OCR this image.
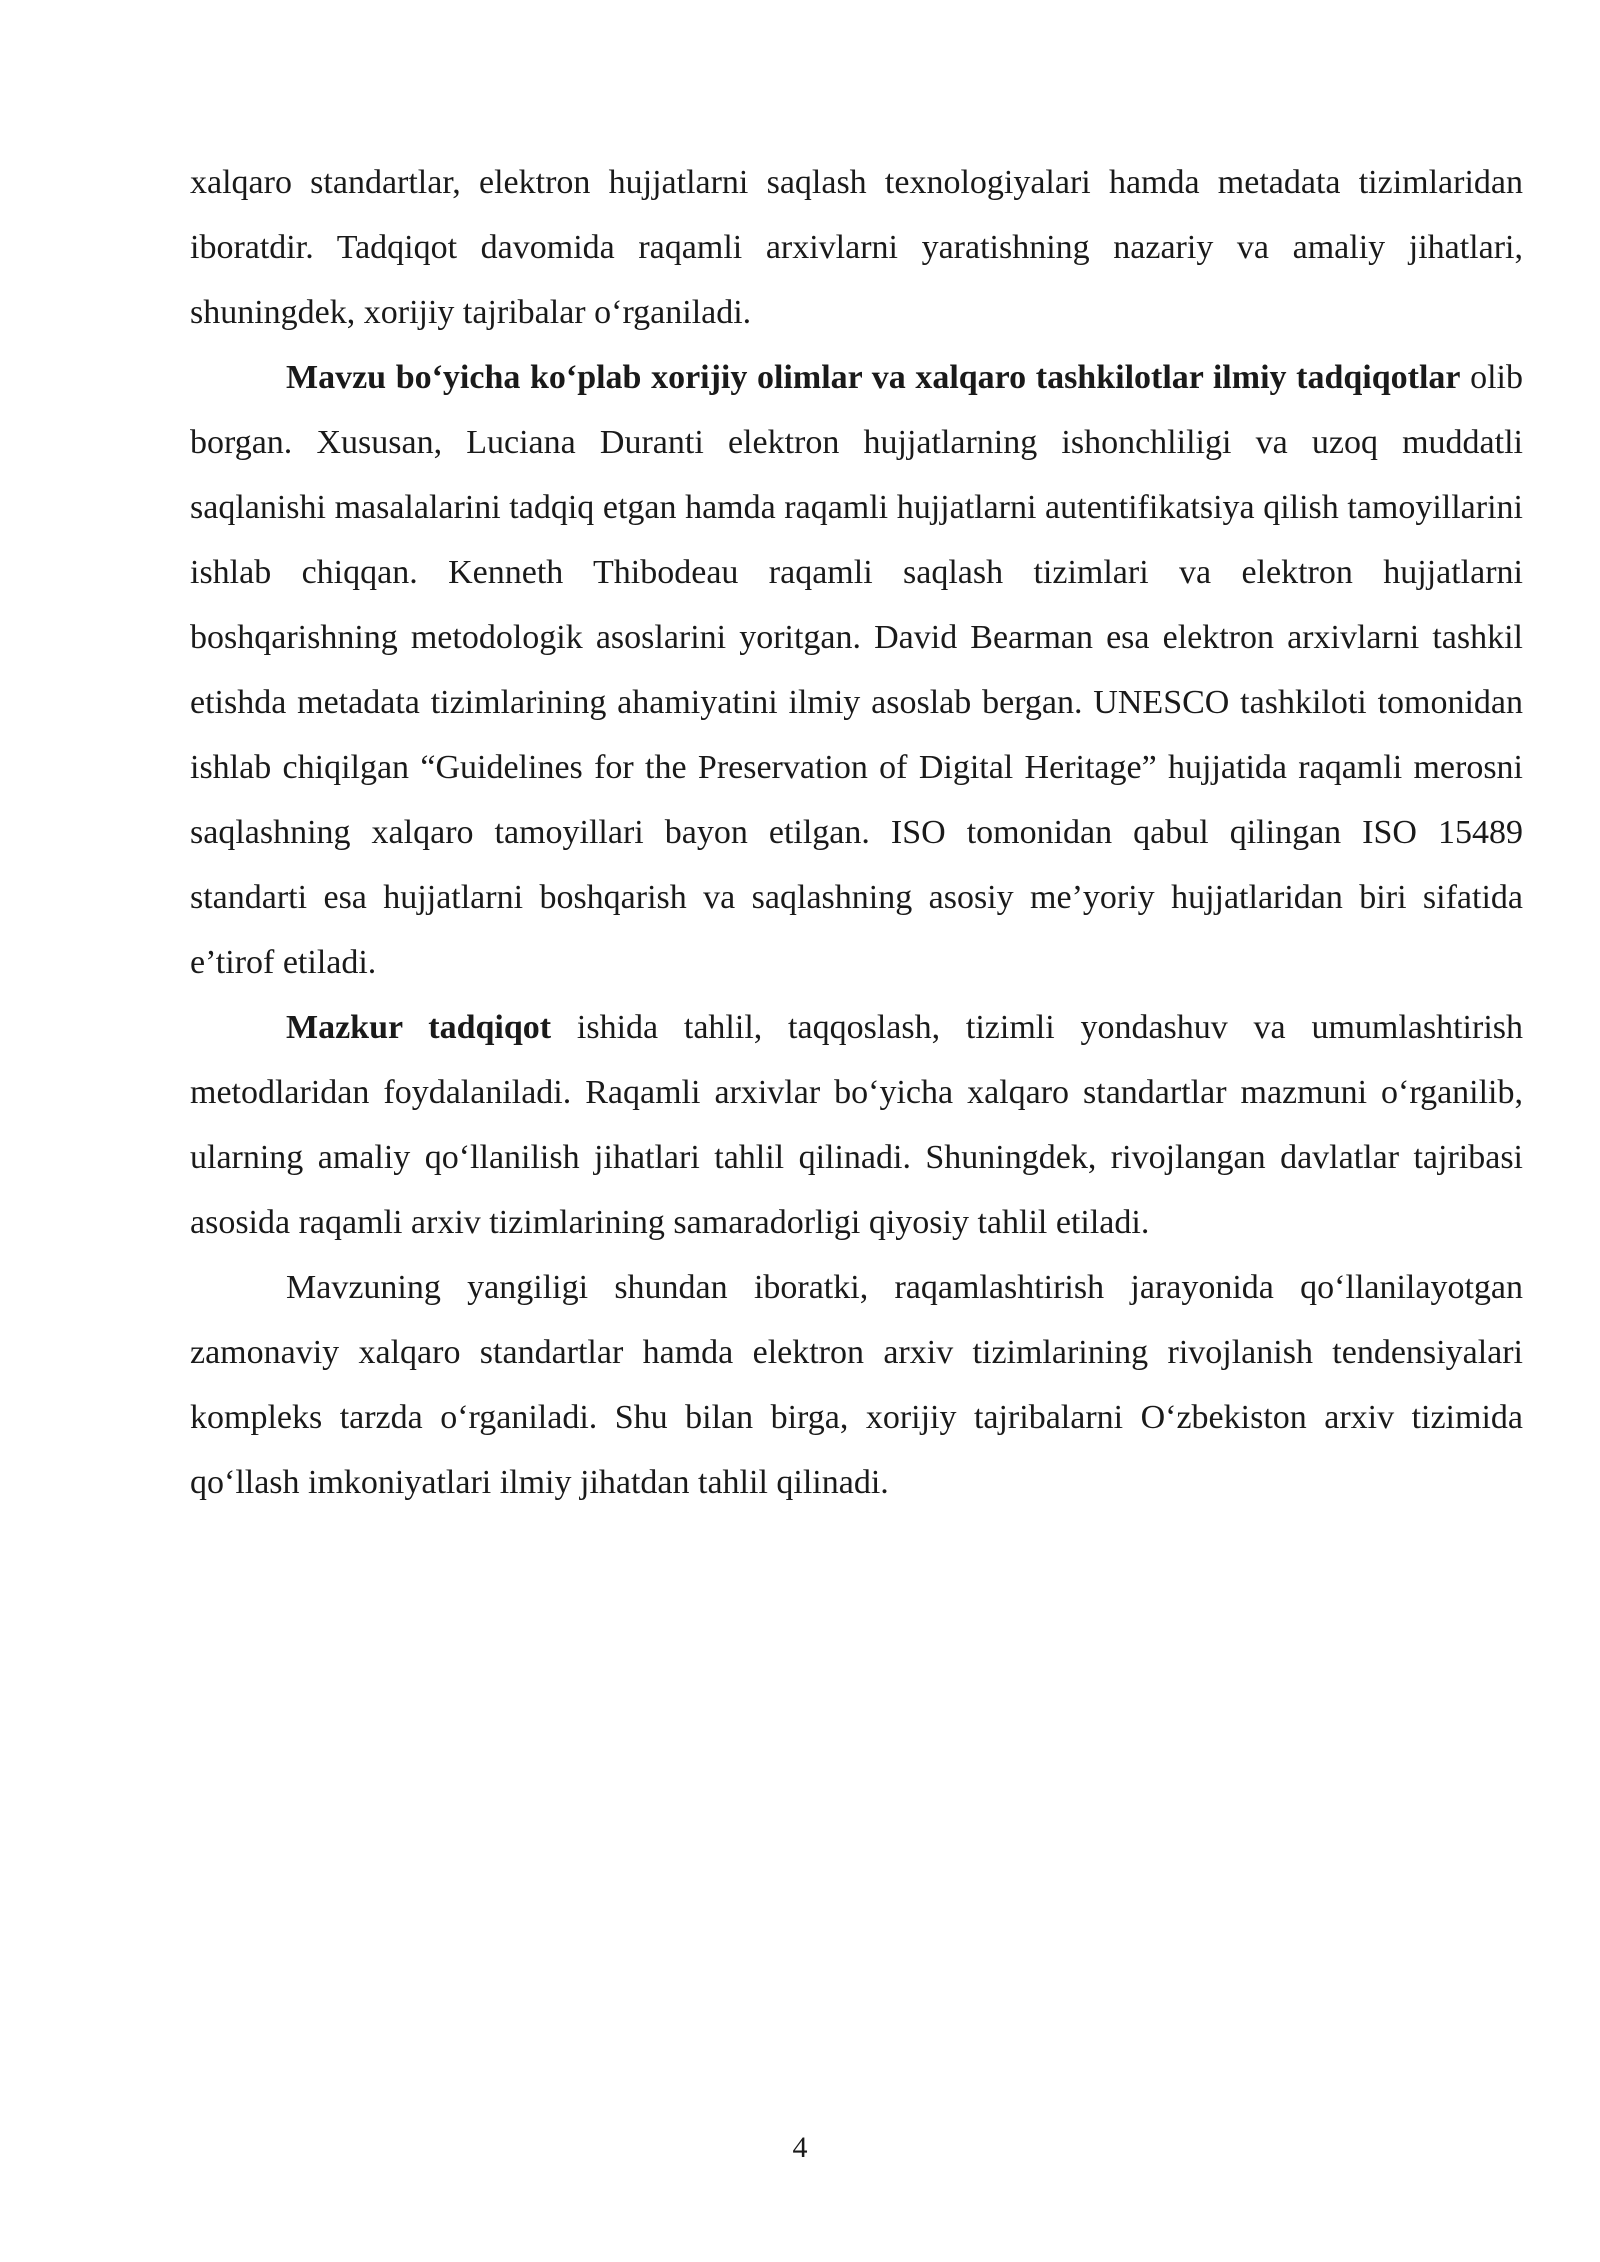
xalqaro standartlar, elektron hujjatlarni saqlash texnologiyalari hamda metadata tizimlaridan iboratdir. Tadqiqot davomida raqamli arxivlarni yaratishning nazariy va amaliy jihatlari, shuningdek, xorijiy tajribalar o‘rganiladi.

Mavzu bo‘yicha ko‘plab xorijiy olimlar va xalqaro tashkilotlar ilmiy tadqiqotlar olib borgan. Xususan, Luciana Duranti elektron hujjatlarning ishonchliligi va uzoq muddatli saqlanishi masalalarini tadqiq etgan hamda raqamli hujjatlarni autentifikatsiya qilish tamoyillarini ishlab chiqqan. Kenneth Thibodeau raqamli saqlash tizimlari va elektron hujjatlarni boshqarishning metodologik asoslarini yoritgan. David Bearman esa elektron arxivlarni tashkil etishda metadata tizimlarining ahamiyatini ilmiy asoslab bergan. UNESCO tashkiloti tomonidan ishlab chiqilgan “Guidelines for the Preservation of Digital Heritage” hujjatida raqamli merosni saqlashning xalqaro tamoyillari bayon etilgan. ISO tomonidan qabul qilingan ISO 15489 standarti esa hujjatlarni boshqarish va saqlashning asosiy me’yoriy hujjatlaridan biri sifatida e’tirof etiladi.

Mazkur tadqiqot ishida tahlil, taqqoslash, tizimli yondashuv va umumlashtirish metodlaridan foydalaniladi. Raqamli arxivlar bo‘yicha xalqaro standartlar mazmuni o‘rganilib, ularning amaliy qo‘llanilish jihatlari tahlil qilinadi. Shuningdek, rivojlangan davlatlar tajribasi asosida raqamli arxiv tizimlarining samaradorligi qiyosiy tahlil etiladi.

Mavzuning yangiligi shundan iboratki, raqamlashtirish jarayonida qo‘llanilayotgan zamonaviy xalqaro standartlar hamda elektron arxiv tizimlarining rivojlanish tendensiyalari kompleks tarzda o‘rganiladi. Shu bilan birga, xorijiy tajribalarni O‘zbekiston arxiv tizimida qo‘llash imkoniyatlari ilmiy jihatdan tahlil qilinadi.

4
